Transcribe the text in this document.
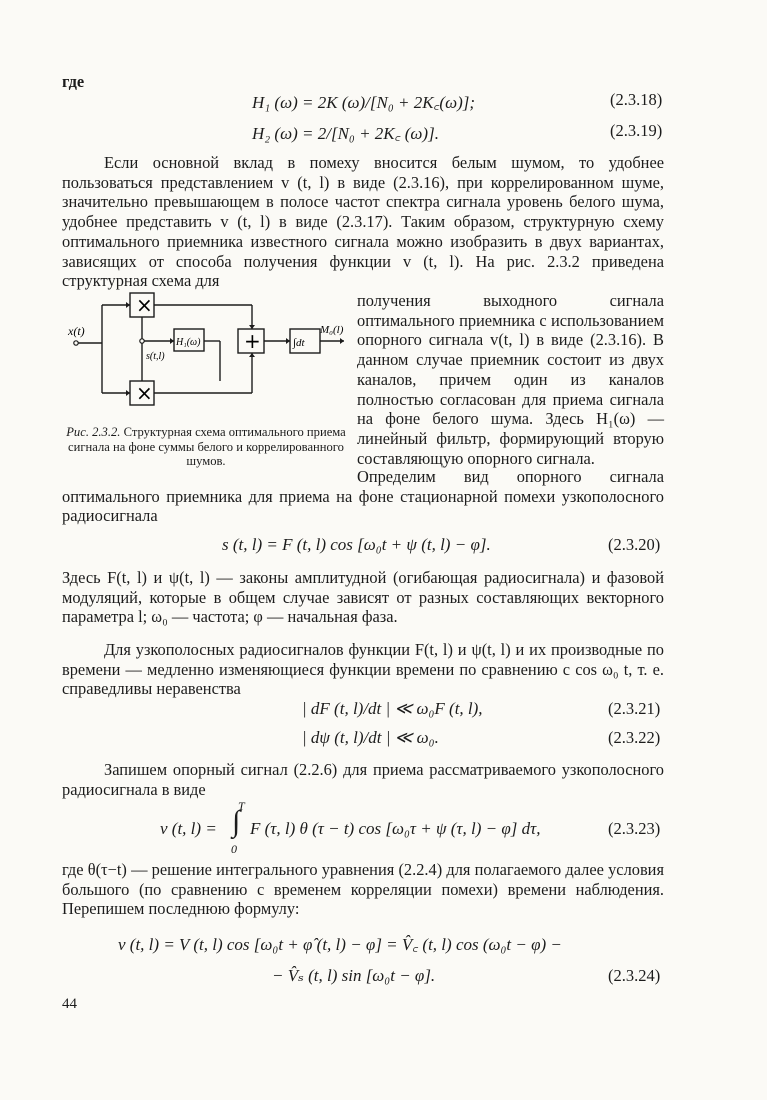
где
H₁ (ω) = 2K (ω)/[N₀ + 2K꜀(ω)];	(2.3.18)
H₂ (ω) = 2/[N₀ + 2K꜀ (ω)].	(2.3.19)
Если основной вклад в помеху вносится белым шумом, то удобнее пользоваться представлением v (t, l) в виде (2.3.16), при коррелированном шуме, значительно превышающем в полосе частот спектра сигнала уровень белого шума, удобнее представить v (t, l) в виде (2.3.17). Таким образом, структурную схему оптимального приемника известного сигнала можно изобразить в двух вариантах, зависящих от способа получения функции v (t, l). На рис. 2.3.2 приведена структурная схема для
×
×
+
H₁(ω)	∫dt
x(t)
s(t,l)
M₀(l)
Рис. 2.3.2. Структурная схема оптимального приема сигнала на фоне суммы белого и коррелированного шумов.
получения выходного сигнала оптимального приемника с использованием опорного сигнала v(t, l) в виде (2.3.16). В данном случае приемник состоит из двух каналов, причем один из каналов полностью согласован для приема сигнала на фоне белого шума. Здесь H₁(ω) — линейный фильтр, формирующий вторую составляющую опорного сигнала.
Определим вид опорного сигнала оптимального приемника для приема на фоне стационарной помехи узкополосного радиосигнала
s (t, l) = F (t, l) cos [ω₀t + ψ (t, l) − φ].	(2.3.20)
Здесь F(t, l) и ψ(t, l) — законы амплитудной (огибающая радиосигнала) и фазовой модуляций, которые в общем случае зависят от разных составляющих векторного параметра l; ω₀ — частота; φ — начальная фаза.
Для узкополосных радиосигналов функции F(t, l) и ψ(t, l) и их производные по времени — медленно изменяющиеся функции времени по сравнению с cos ω₀ t, т. е. справедливы неравенства
| dF (t, l)/dt | ≪ ω₀F (t, l),	(2.3.21)
| dψ (t, l)/dt | ≪ ω₀.	(2.3.22)
Запишем опорный сигнал (2.2.6) для приема рассматриваемого узкополосного радиосигнала в виде
v (t, l) = ∫
T
0
F (τ, l) θ (τ − t) cos [ω₀τ + ψ (τ, l) − φ] dτ,	(2.3.23)
где θ(τ−t) — решение интегрального уравнения (2.2.4) для полагаемого далее условия большого (по сравнению с временем корреляции помехи) времени наблюдения. Перепишем последнюю формулу:
v (t, l) = V (t, l) cos [ω₀t + φ̂ (t, l) − φ] = V̂꜀ (t, l) cos (ω₀t − φ) −
− V̂ₛ (t, l) sin [ω₀t − φ].	(2.3.24)
44
